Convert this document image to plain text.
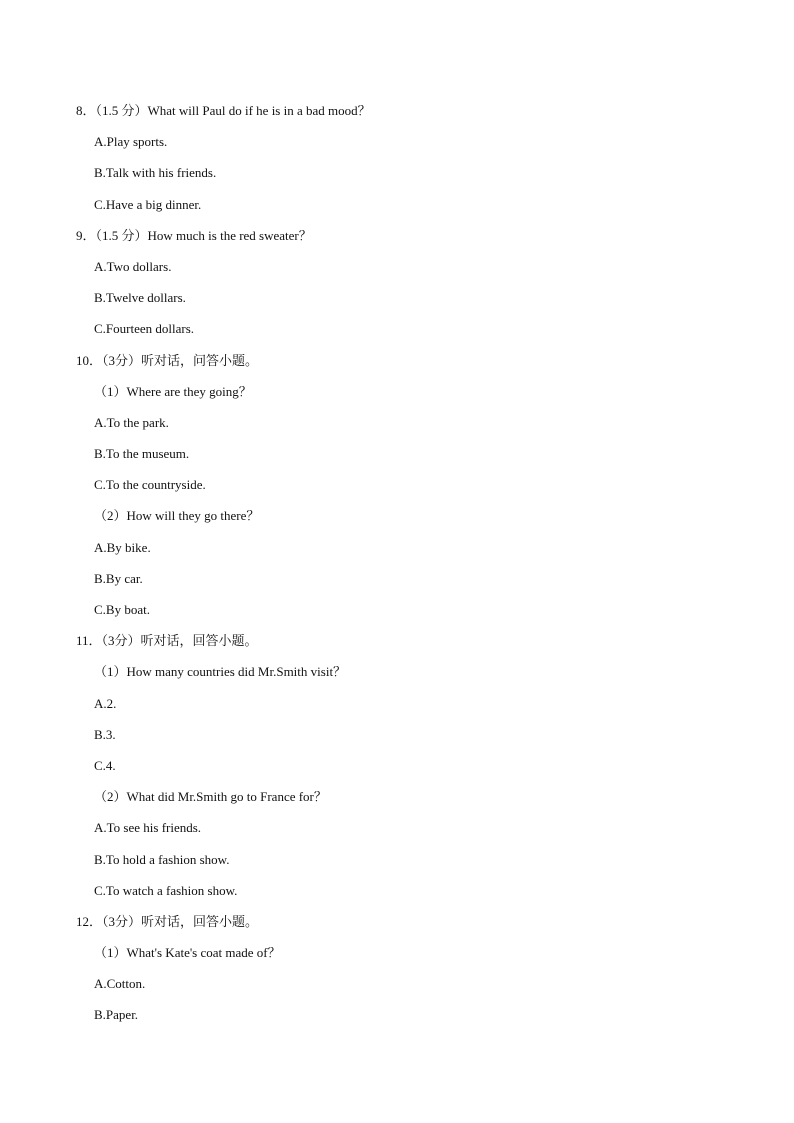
8．（1.5 分）What will Paul do if he is in a bad mood？
A.Play sports.
B.Talk with his friends.
C.Have a big dinner.
9．（1.5 分）How much is the red sweater？
A.Two dollars.
B.Twelve dollars.
C.Fourteen dollars.
10．（3分）听对话，问答小题。
（1）Where are they going？
A.To the park.
B.To the museum.
C.To the countryside.
（2）How will they go there？
A.By bike.
B.By car.
C.By boat.
11．（3分）听对话，回答小题。
（1）How many countries did Mr.Smith visit？
A.2.
B.3.
C.4.
（2）What did Mr.Smith go to France for？
A.To see his friends.
B.To hold a fashion show.
C.To watch a fashion show.
12．（3分）听对话，回答小题。
（1）What's Kate's coat made of？
A.Cotton.
B.Paper.
